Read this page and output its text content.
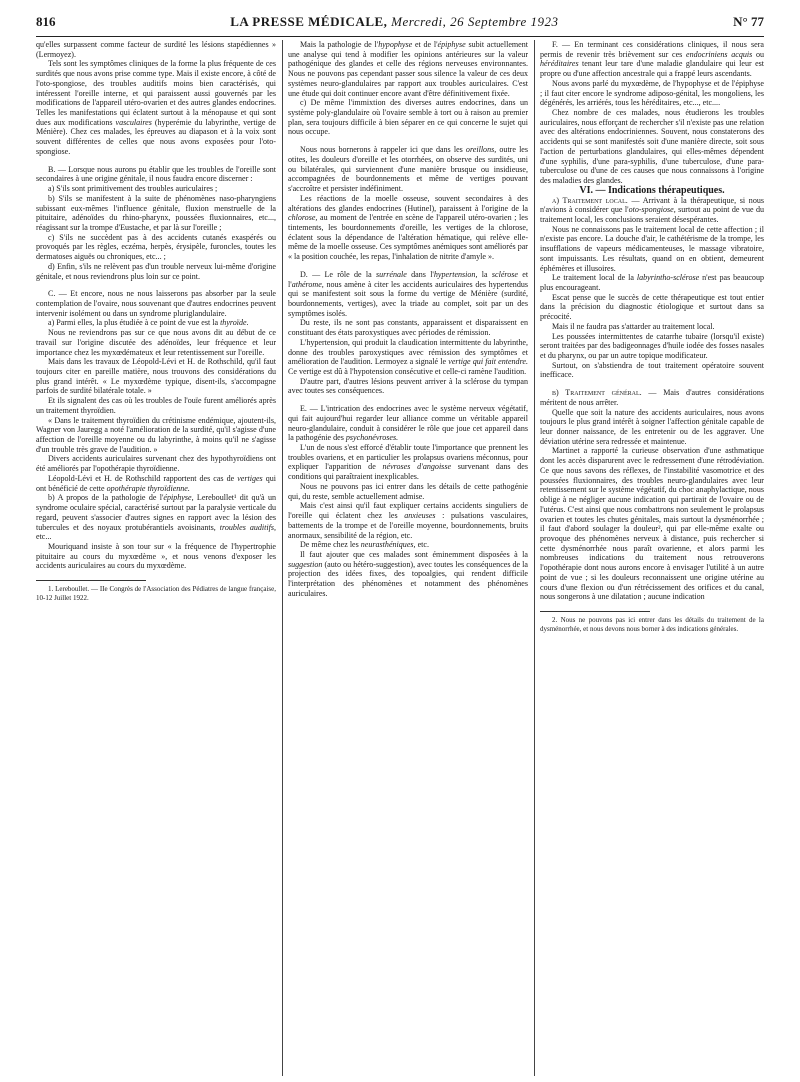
816	LA PRESSE MÉDICALE, Mercredi, 26 Septembre 1923	N° 77

qu'elles surpassent comme facteur de surdité les lésions stapédiennes » (Lermoyez).

Tels sont les symptômes cliniques de la forme la plus fréquente de ces surdités que nous avons prise comme type. Mais il existe encore, à côté de l'oto-spongiose, des troubles auditifs moins bien caractérisés, qui intéressent l'oreille interne, et qui paraissent aussi gouvernés par les modifications de l'appareil utéro-ovarien et des autres glandes endocrines. Telles les manifestations qui éclatent surtout à la ménopause et qui sont dues aux modifications vasculaires (hyperémie du labyrinthe, vertige de Ménière). Chez ces malades, les épreuves au diapason et à la voix sont souvent différentes de celles que nous avons exposées pour l'oto-spongiose.

B. — Lorsque nous aurons pu établir que les troubles de l'oreille sont secondaires à une origine génitale, il nous faudra encore discerner :

a) S'ils sont primitivement des troubles auriculaires ;

b) S'ils se manifestent à la suite de phénomènes naso-pharyngiens subissant eux-mêmes l'influence génitale, fluxion menstruelle de la pituitaire, adénoïdes du rhino-pharynx, poussées fluxionnaires, etc..., réagissant sur la trompe d'Eustache, et par là sur l'oreille ;

c) S'ils ne succèdent pas à des accidents cutanés exaspérés ou provoqués par les règles, eczéma, herpès, érysipèle, furoncles, toutes les dermatoses aiguës ou chroniques, etc... ;

d) Enfin, s'ils ne relèvent pas d'un trouble nerveux lui-même d'origine génitale, et nous reviendrons plus loin sur ce point.

C. — Et encore, nous ne nous laisserons pas absorber par la seule contemplation de l'ovaire, nous souvenant que d'autres endocrines peuvent intervenir isolément ou dans un syndrome pluriglandulaire.

a) Parmi elles, la plus étudiée à ce point de vue est la thyroïde.

Nous ne reviendrons pas sur ce que nous avons dit au début de ce travail sur l'origine discutée des adénoïdes, leur fréquence et leur importance chez les myxœdémateux et leur retentissement sur l'oreille.

Mais dans les travaux de Léopold-Lévi et H. de Rothschild, qu'il faut toujours citer en pareille matière, nous trouvons des considérations du plus grand intérêt. « Le myxœdème typique, disent-ils, s'accompagne parfois de surdité bilatérale totale. »

Et ils signalent des cas où les troubles de l'ouïe furent améliorés après un traitement thyroïdien.

« Dans le traitement thyroïdien du crétinisme endémique, ajoutent-ils, Wagner von Jauregg a noté l'amélioration de la surdité, qu'il s'agisse d'une affection de l'oreille moyenne ou du labyrinthe, à moins qu'il ne s'agisse d'un trouble très grave de l'audition. »

Divers accidents auriculaires survenant chez des hypothyroïdiens ont été améliorés par l'opothérapie thyroïdienne.

Léopold-Lévi et H. de Rothschild rapportent des cas de vertiges qui ont bénéficié de cette opothérapie thyroïdienne.

b) A propos de la pathologie de l'épiphyse, Lereboullet¹ dit qu'à un syndrome oculaire spécial, caractérisé surtout par la paralysie verticale du regard, peuvent s'associer d'autres signes en rapport avec la lésion des tubercules et des noyaux protubérantiels avoisinants, troubles auditifs, etc...

Mouriquand insiste à son tour sur « la fréquence de l'hypertrophie pituitaire au cours du myxœdème », et nous venons d'exposer les accidents auriculaires au cours du myxœdème.

1. Lereboullet. — IIe Congrès de l'Association des Pédiatres de langue française, 10-12 Juillet 1922.

Mais la pathologie de l'hypophyse et de l'épiphyse subit actuellement une analyse qui tend à modifier les opinions antérieures sur la valeur pathogénique des glandes et celle des régions nerveuses environnantes. Nous ne pouvons pas cependant passer sous silence la valeur de ces deux systèmes neuro-glandulaires par rapport aux troubles auriculaires. C'est une étude qui doit continuer encore avant d'être définitivement fixée.

c) De même l'immixtion des diverses autres endocrines, dans un système poly-glandulaire où l'ovaire semble à tort ou à raison au premier plan, sera toujours difficile à bien séparer en ce qui concerne le sujet qui nous occupe.

Nous nous bornerons à rappeler ici que dans les oreillons, outre les otites, les douleurs d'oreille et les otorrhées, on observe des surdités, uni ou bilatérales, qui surviennent d'une manière brusque ou insidieuse, accompagnées de bourdonnements et même de vertiges pouvant s'accroître et persister indéfiniment.

Les réactions de la moelle osseuse, souvent secondaires à des altérations des glandes endocrines (Hutinel), paraissent à l'origine de la chlorose, au moment de l'entrée en scène de l'appareil utéro-ovarien ; les tintements, les bourdonnements d'oreille, les vertiges de la chlorose, éclatent sous la dépendance de l'altération hématique, qui relève elle-même de la moelle osseuse. Ces symptômes anémiques sont améliorés par « la position couchée, les repas, l'inhalation de nitrite d'amyle ».

D. — Le rôle de la surrénale dans l'hypertension, la sclérose et l'athérome, nous amène à citer les accidents auriculaires des hypertendus qui se manifestent soit sous la forme du vertige de Ménière (surdité, bourdonnements, vertiges), avec la triade au complet, soit par un des symptômes isolés.

Du reste, ils ne sont pas constants, apparaissent et disparaissent en constituant des états paroxystiques avec périodes de rémission.

L'hypertension, qui produit la claudication intermittente du labyrinthe, donne des troubles paroxystiques avec rémission des symptômes et amélioration de l'audition. Lermoyez a signalé le vertige qui fait entendre. Ce vertige est dû à l'hypotension consécutive et celle-ci ramène l'audition.

D'autre part, d'autres lésions peuvent arriver à la sclérose du tympan avec toutes ses conséquences.

E. — L'intrication des endocrines avec le système nerveux végétatif, qui fait aujourd'hui regarder leur alliance comme un véritable appareil neuro-glandulaire, conduit à considérer le rôle que joue cet appareil dans la pathogénie des psychonévroses.

L'un de nous s'est efforcé d'établir toute l'importance que prennent les troubles ovariens, et en particulier les prolapsus ovariens méconnus, pour expliquer l'apparition de névroses d'angoisse survenant dans des conditions qui paraîtraient inexplicables.

Nous ne pouvons pas ici entrer dans les détails de cette pathogénie qui, du reste, semble actuellement admise.

Mais c'est ainsi qu'il faut expliquer certains accidents singuliers de l'oreille qui éclatent chez les anxieuses : pulsations vasculaires, battements de la trompe et de l'oreille moyenne, bourdonnements, bruits anormaux, sensibilité de la région, etc.

De même chez les neurasthéniques, etc.

Il faut ajouter que ces malades sont éminemment disposées à la suggestion (auto ou hétéro-suggestion), avec toutes les conséquences de la projection des idées fixes, des topoalgies, qui rendent difficile l'interprétation des phénomènes et notamment des phénomènes auriculaires.

F. — En terminant ces considérations cliniques, il nous sera permis de revenir très brièvement sur ces endocriniens acquis ou héréditaires tenant leur tare d'une maladie glandulaire qui leur est propre ou d'une affection ancestrale qui a frappé leurs ascendants.

Nous avons parlé du myxœdème, de l'hypophyse et de l'épiphyse ; il faut citer encore le syndrome adiposo-génital, les mongoliens, les dégénérés, les arriérés, tous les héréditaires, etc..., etc....

Chez nombre de ces malades, nous étudierons les troubles auriculaires, nous efforçant de rechercher s'il n'existe pas une relation avec des altérations endocriniennes. Souvent, nous constaterons des accidents qui se sont manifestés soit d'une manière directe, soit sous l'action de perturbations glandulaires, qui elles-mêmes dépendent d'une syphilis, d'une para-syphilis, d'une tuberculose, d'une para-tuberculose ou d'une de ces causes que nous connaissons à l'origine des maladies des glandes.

VI. — Indications thérapeutiques.

a) Traitement local. — Arrivant à la thérapeutique, si nous n'avions à considérer que l'oto-spongiose, surtout au point de vue du traitement local, les conclusions seraient désespérantes.

Nous ne connaissons pas le traitement local de cette affection ; il n'existe pas encore. La douche d'air, le cathétérisme de la trompe, les insufflations de vapeurs médicamenteuses, le massage vibratoire, sont impuissants. Les résultats, quand on en obtient, demeurent éphémères et illusoires.

Le traitement local de la labyrintho-sclérose n'est pas beaucoup plus encourageant.

Escat pense que le succès de cette thérapeutique est tout entier dans la précision du diagnostic étiologique et surtout dans sa précocité.

Mais il ne faudra pas s'attarder au traitement local.

Les poussées intermittentes de catarrhe tubaire (lorsqu'il existe) seront traitées par des badigeonnages d'huile iodée des fosses nasales et du pharynx, ou par un autre topique modificateur.

Surtout, on s'abstiendra de tout traitement opératoire souvent inefficace.

b) Traitement général. — Mais d'autres considérations méritent de nous arrêter.

Quelle que soit la nature des accidents auriculaires, nous avons toujours le plus grand intérêt à soigner l'affection génitale capable de leur donner naissance, de les entretenir ou de les aggraver. Une déviation utérine sera redressée et maintenue.

Martinet a rapporté la curieuse observation d'une asthmatique dont les accès disparurent avec le redressement d'une rétrodéviation. Ce que nous savons des réflexes, de l'instabilité vasomotrice et des poussées fluxionnaires, des troubles neuro-glandulaires avec leur retentissement sur le système végétatif, du choc anaphylactique, nous oblige à ne négliger aucune indication qui partirait de l'ovaire ou de l'utérus. C'est ainsi que nous combattrons non seulement le prolapsus ovarien et toutes les chutes génitales, mais surtout la dysménorrhée ; il faut d'abord soulager la douleur², qui par elle-même exalte ou provoque des phénomènes nerveux à distance, puis rechercher si cette dysménorrhée nous paraît ovarienne, et alors parmi les nombreuses indications du traitement nous retrouverons l'opothérapie dont nous aurons encore à envisager l'utilité à un autre point de vue ; si les douleurs reconnaissent une origine utérine au cours d'une flexion ou d'un rétrécissement des orifices et du canal, nous songerons à une dilatation ; aucune indication

2. Nous ne pouvons pas ici entrer dans les détails du traitement de la dysménorrhée, et nous devons nous borner à des indications générales.
